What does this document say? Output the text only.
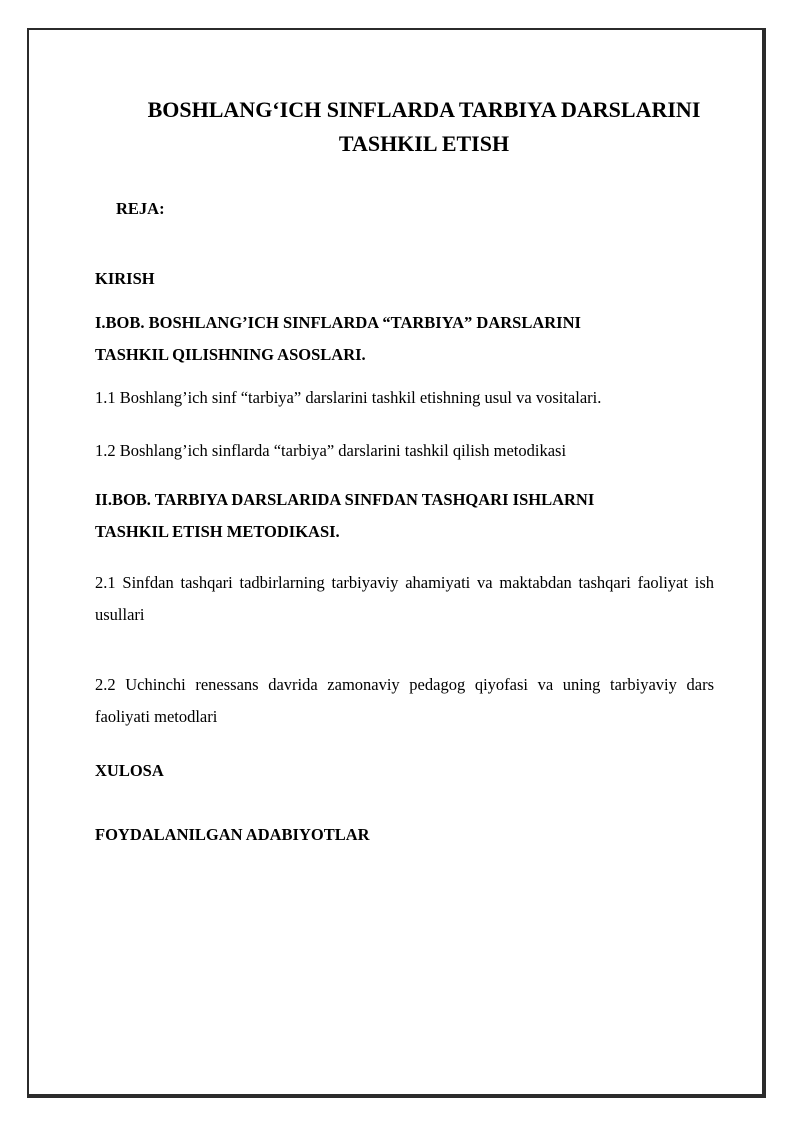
BOSHLANG‘ICH SINFLARDA TARBIYA DARSLARINI
TASHKIL ETISH
REJA:
KIRISH
I.BOB. BOSHLANG’ICH SINFLARDA “TARBIYA” DARSLARINI
TASHKIL QILISHNING ASOSLARI.
1.1 Boshlang’ich sinf “tarbiya” darslarini tashkil etishning usul va vositalari.
1.2 Boshlang’ich sinflarda “tarbiya” darslarini tashkil qilish metodikasi
II.BOB. TARBIYA DARSLARIDA SINFDAN TASHQARI ISHLARNI
TASHKIL ETISH METODIKASI.
2.1 Sinfdan tashqari tadbirlarning tarbiyaviy ahamiyati va maktabdan tashqari faoliyat ish usullari
2.2 Uchinchi renessans davrida zamonaviy pedagog qiyofasi va uning tarbiyaviy dars faoliyati metodlari
XULOSA
FOYDALANILGAN ADABIYOTLAR
